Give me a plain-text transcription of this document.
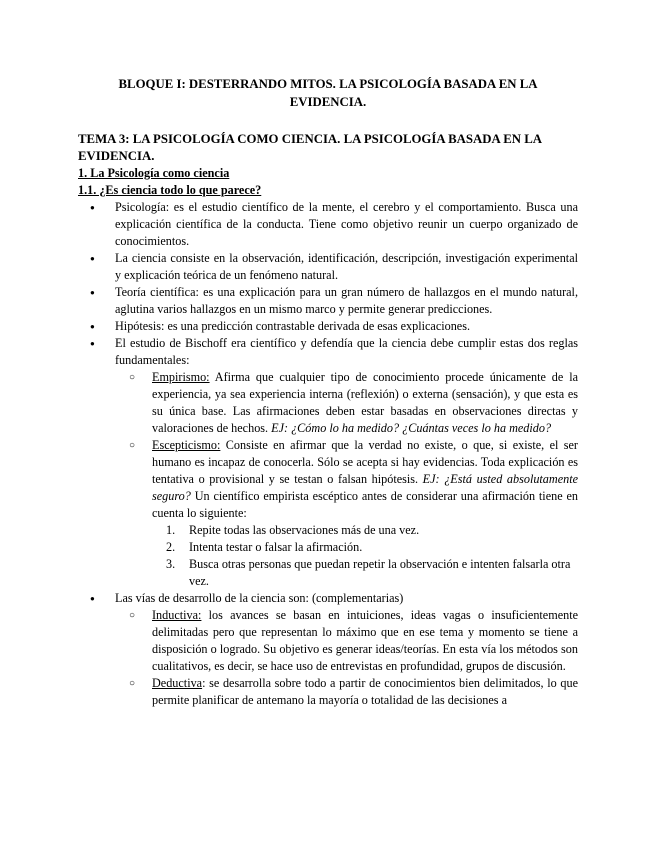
BLOQUE I: DESTERRANDO MITOS. LA PSICOLOGÍA BASADA EN LA EVIDENCIA.

TEMA 3: LA PSICOLOGÍA COMO CIENCIA. LA PSICOLOGÍA BASADA EN LA EVIDENCIA.

1. La Psicología como ciencia

1.1. ¿Es ciencia todo lo que parece?

● Psicología: es el estudio científico de la mente, el cerebro y el comportamiento. Busca una explicación científica de la conducta. Tiene como objetivo reunir un cuerpo organizado de conocimientos.
● La ciencia consiste en la observación, identificación, descripción, investigación experimental y explicación teórica de un fenómeno natural.
● Teoría científica: es una explicación para un gran número de hallazgos en el mundo natural, aglutina varios hallazgos en un mismo marco y permite generar predicciones.
● Hipótesis: es una predicción contrastable derivada de esas explicaciones.
● El estudio de Bischoff era científico y defendía que la ciencia debe cumplir estas dos reglas fundamentales:
○ Empirismo: Afirma que cualquier tipo de conocimiento procede únicamente de la experiencia, ya sea experiencia interna (reflexión) o externa (sensación), y que esta es su única base. Las afirmaciones deben estar basadas en observaciones directas y valoraciones de hechos. EJ: ¿Cómo lo ha medido? ¿Cuántas veces lo ha medido?
○ Escepticismo: Consiste en afirmar que la verdad no existe, o que, si existe, el ser humano es incapaz de conocerla. Sólo se acepta si hay evidencias. Toda explicación es tentativa o provisional y se testan o falsan hipótesis. EJ: ¿Está usted absolutamente seguro? Un científico empirista escéptico antes de considerar una afirmación tiene en cuenta lo siguiente:
1. Repite todas las observaciones más de una vez.
2. Intenta testar o falsar la afirmación.
3. Busca otras personas que puedan repetir la observación e intenten falsarla otra vez.
● Las vías de desarrollo de la ciencia son: (complementarias)
○ Inductiva: los avances se basan en intuiciones, ideas vagas o insuficientemente delimitadas pero que representan lo máximo que en ese tema y momento se tiene a disposición o logrado. Su objetivo es generar ideas/teorías. En esta vía los métodos son cualitativos, es decir, se hace uso de entrevistas en profundidad, grupos de discusión.
○ Deductiva: se desarrolla sobre todo a partir de conocimientos bien delimitados, lo que permite planificar de antemano la mayoría o totalidad de las decisiones a
